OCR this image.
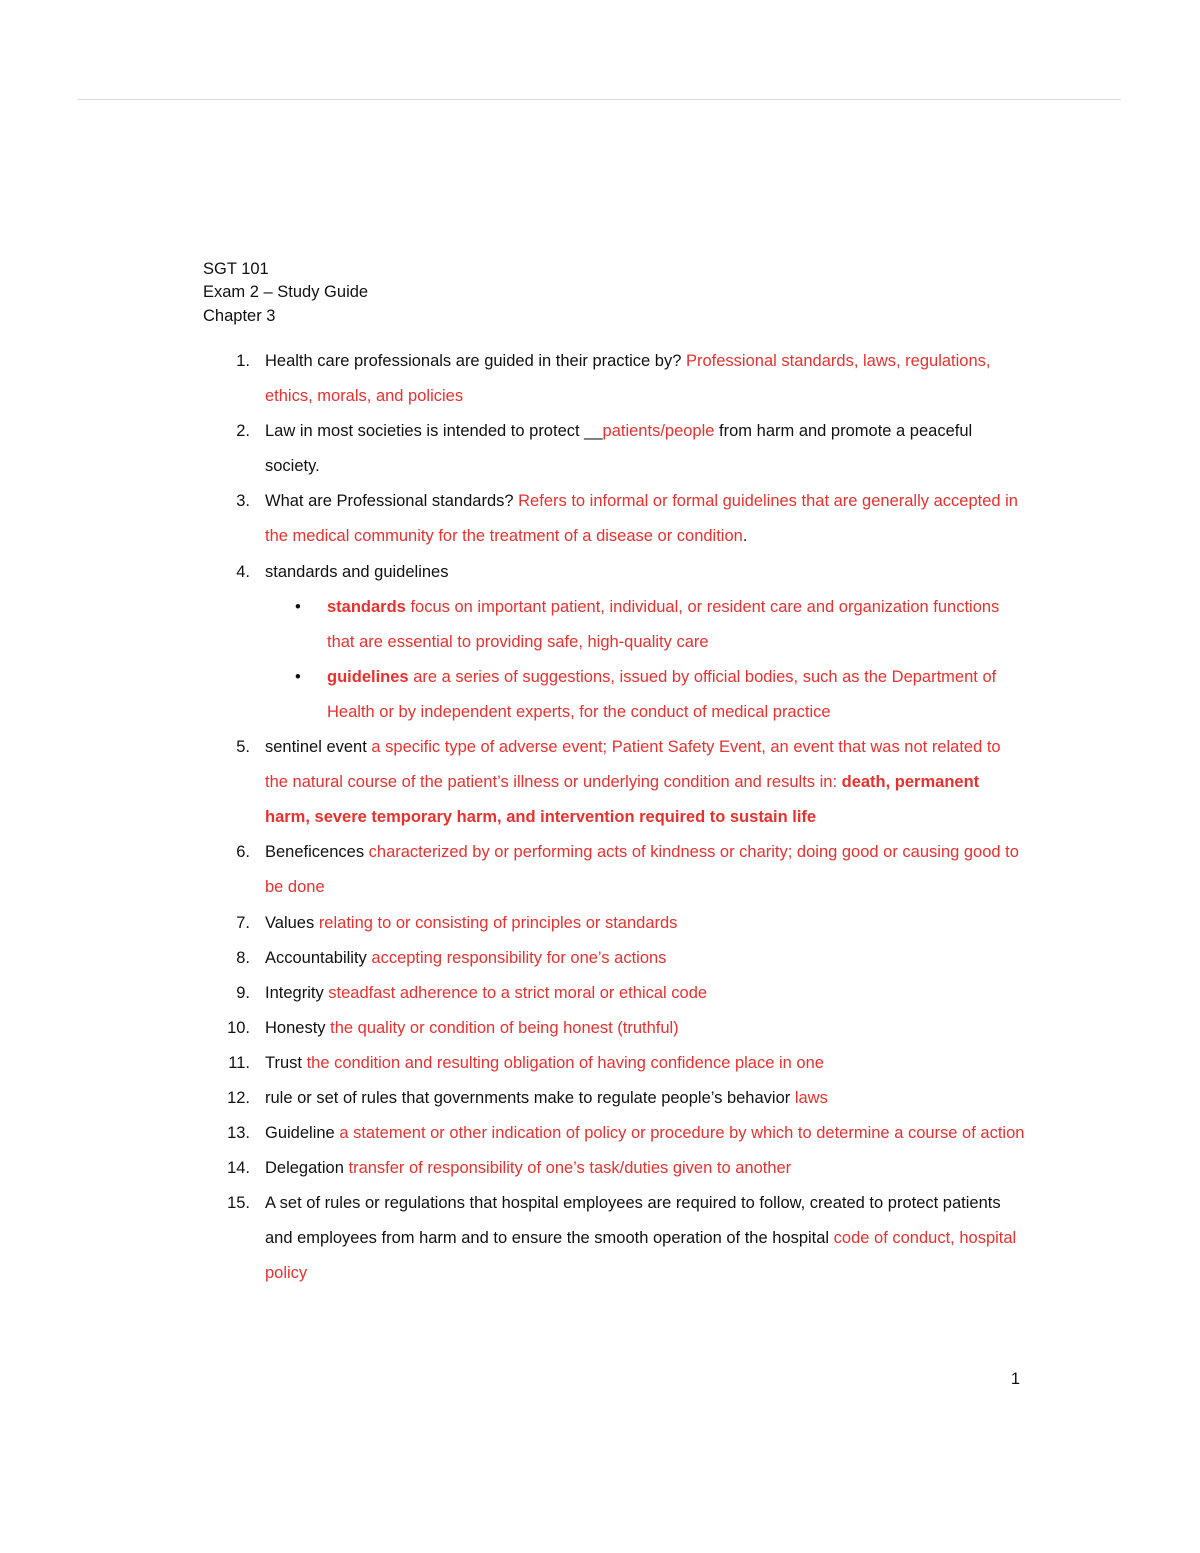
SGT 101
Exam 2 – Study Guide
Chapter 3
1. Health care professionals are guided in their practice by? Professional standards, laws, regulations, ethics, morals, and policies
2. Law in most societies is intended to protect __patients/people from harm and promote a peaceful society.
3. What are Professional standards? Refers to informal or formal guidelines that are generally accepted in the medical community for the treatment of a disease or condition.
4. standards and guidelines
• standards focus on important patient, individual, or resident care and organization functions that are essential to providing safe, high-quality care
• guidelines are a series of suggestions, issued by official bodies, such as the Department of Health or by independent experts, for the conduct of medical practice
5. sentinel event a specific type of adverse event; Patient Safety Event, an event that was not related to the natural course of the patient’s illness or underlying condition and results in: death, permanent harm, severe temporary harm, and intervention required to sustain life
6. Beneficences characterized by or performing acts of kindness or charity; doing good or causing good to be done
7. Values relating to or consisting of principles or standards
8. Accountability accepting responsibility for one’s actions
9. Integrity steadfast adherence to a strict moral or ethical code
10. Honesty the quality or condition of being honest (truthful)
11. Trust the condition and resulting obligation of having confidence place in one
12. rule or set of rules that governments make to regulate people’s behavior laws
13. Guideline a statement or other indication of policy or procedure by which to determine a course of action
14. Delegation transfer of responsibility of one’s task/duties given to another
15. A set of rules or regulations that hospital employees are required to follow, created to protect patients and employees from harm and to ensure the smooth operation of the hospital code of conduct, hospital policy
1
